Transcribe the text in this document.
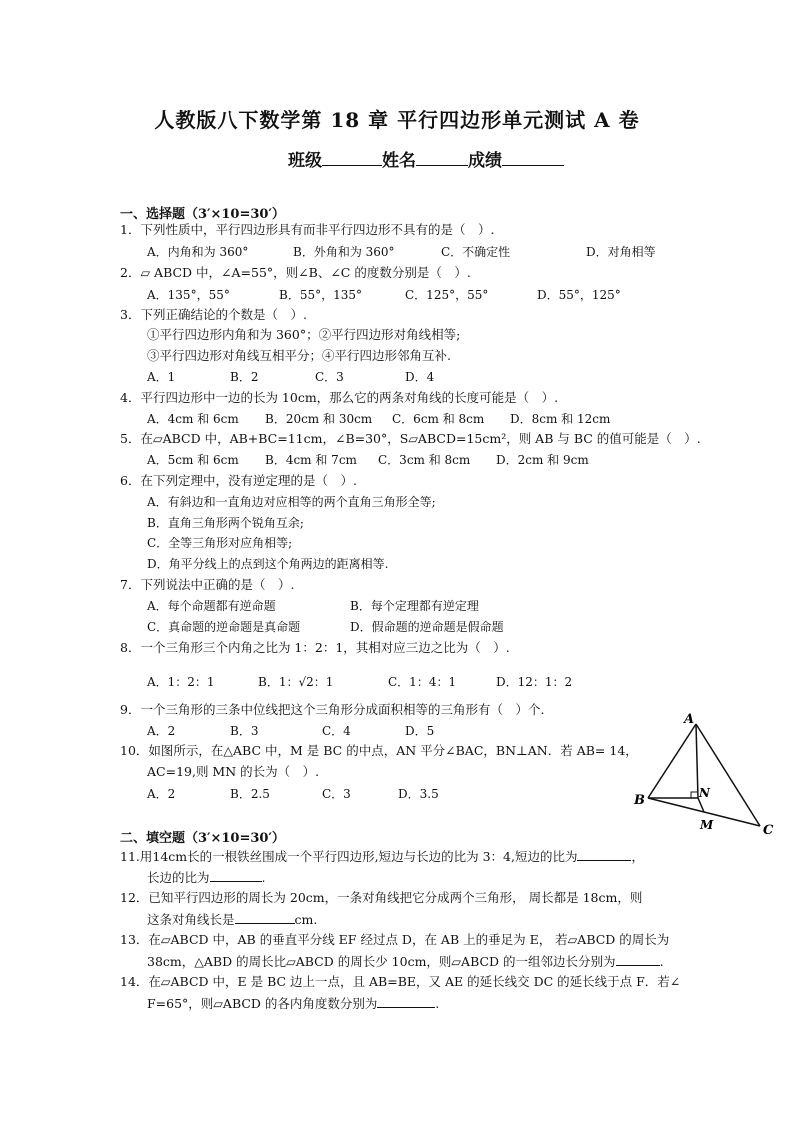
人教版八下数学第 18 章 平行四边形单元测试 A 卷
班级	姓名	成绩
一、选择题（3′×10=30′）
1．下列性质中，平行四边形具有而非平行四边形不具有的是（　）.
A．内角和为 360°	B．外角和为 360°	C．不确定性	D．对角相等
2．▱ ABCD 中，∠A=55°，则∠B、∠C 的度数分别是（　）.
A．135°，55°	B．55°，135°	C．125°，55°	D．55°，125°
3．下列正确结论的个数是（　）.
①平行四边形内角和为 360°；②平行四边形对角线相等;
③平行四边形对角线互相平分；④平行四边形邻角互补.
A．1	B．2	C．3	D．4
4．平行四边形中一边的长为 10cm，那么它的两条对角线的长度可能是（　）.
A．4cm 和 6cm B．20cm 和 30cm C．6cm 和 8cm D．8cm 和 12cm
5．在▱ABCD 中，AB+BC=11cm，∠B=30°，S▱ABCD=15cm²，则 AB 与 BC 的值可能是（　）.
A．5cm 和 6cm B．4cm 和 7cm C．3cm 和 8cm D．2cm 和 9cm
6．在下列定理中，没有逆定理的是（　）.
A．有斜边和一直角边对应相等的两个直角三角形全等;
B．直角三角形两个锐角互余;
C．全等三角形对应角相等;
D．角平分线上的点到这个角两边的距离相等.
7．下列说法中正确的是（　）.
A．每个命题都有逆命题	B．每个定理都有逆定理
C．真命题的逆命题是真命题	D．假命题的逆命题是假命题
8．一个三角形三个内角之比为 1：2：1，其相对应三边之比为（　）.
A．1：2：1	B．1：√2：1	C．1：4：1	D．12：1：2
9．一个三角形的三条中位线把这个三角形分成面积相等的三角形有（　）个.
A．2	B．3	C．4	D．5
10．如图所示，在△ABC 中，M 是 BC 的中点，AN 平分∠BAC，BN⊥AN．若 AB= 14，
AC=19,则 MN 的长为（　）.
A．2	B．2.5	C．3	D．3.5
A
B
C
N
M
二、填空题（3′×10=30′）
11.用14cm长的一根铁丝围成一个平行四边形,短边与长边的比为 3：4,短边的比为	，
长边的比为	.
12．已知平行四边形的周长为 20cm，一条对角线把它分成两个三角形， 周长都是 18cm，则
这条对角线长是	cm.
13．在▱ABCD 中，AB 的垂直平分线 EF 经过点 D，在 AB 上的垂足为 E， 若▱ABCD 的周长为
38cm，△ABD 的周长比▱ABCD 的周长少 10cm，则▱ABCD 的一组邻边长分别为	.
14．在▱ABCD 中，E 是 BC 边上一点，且 AB=BE，又 AE 的延长线交 DC 的延长线于点 F．若∠
F=65°，则▱ABCD 的各内角度数分别为	.
